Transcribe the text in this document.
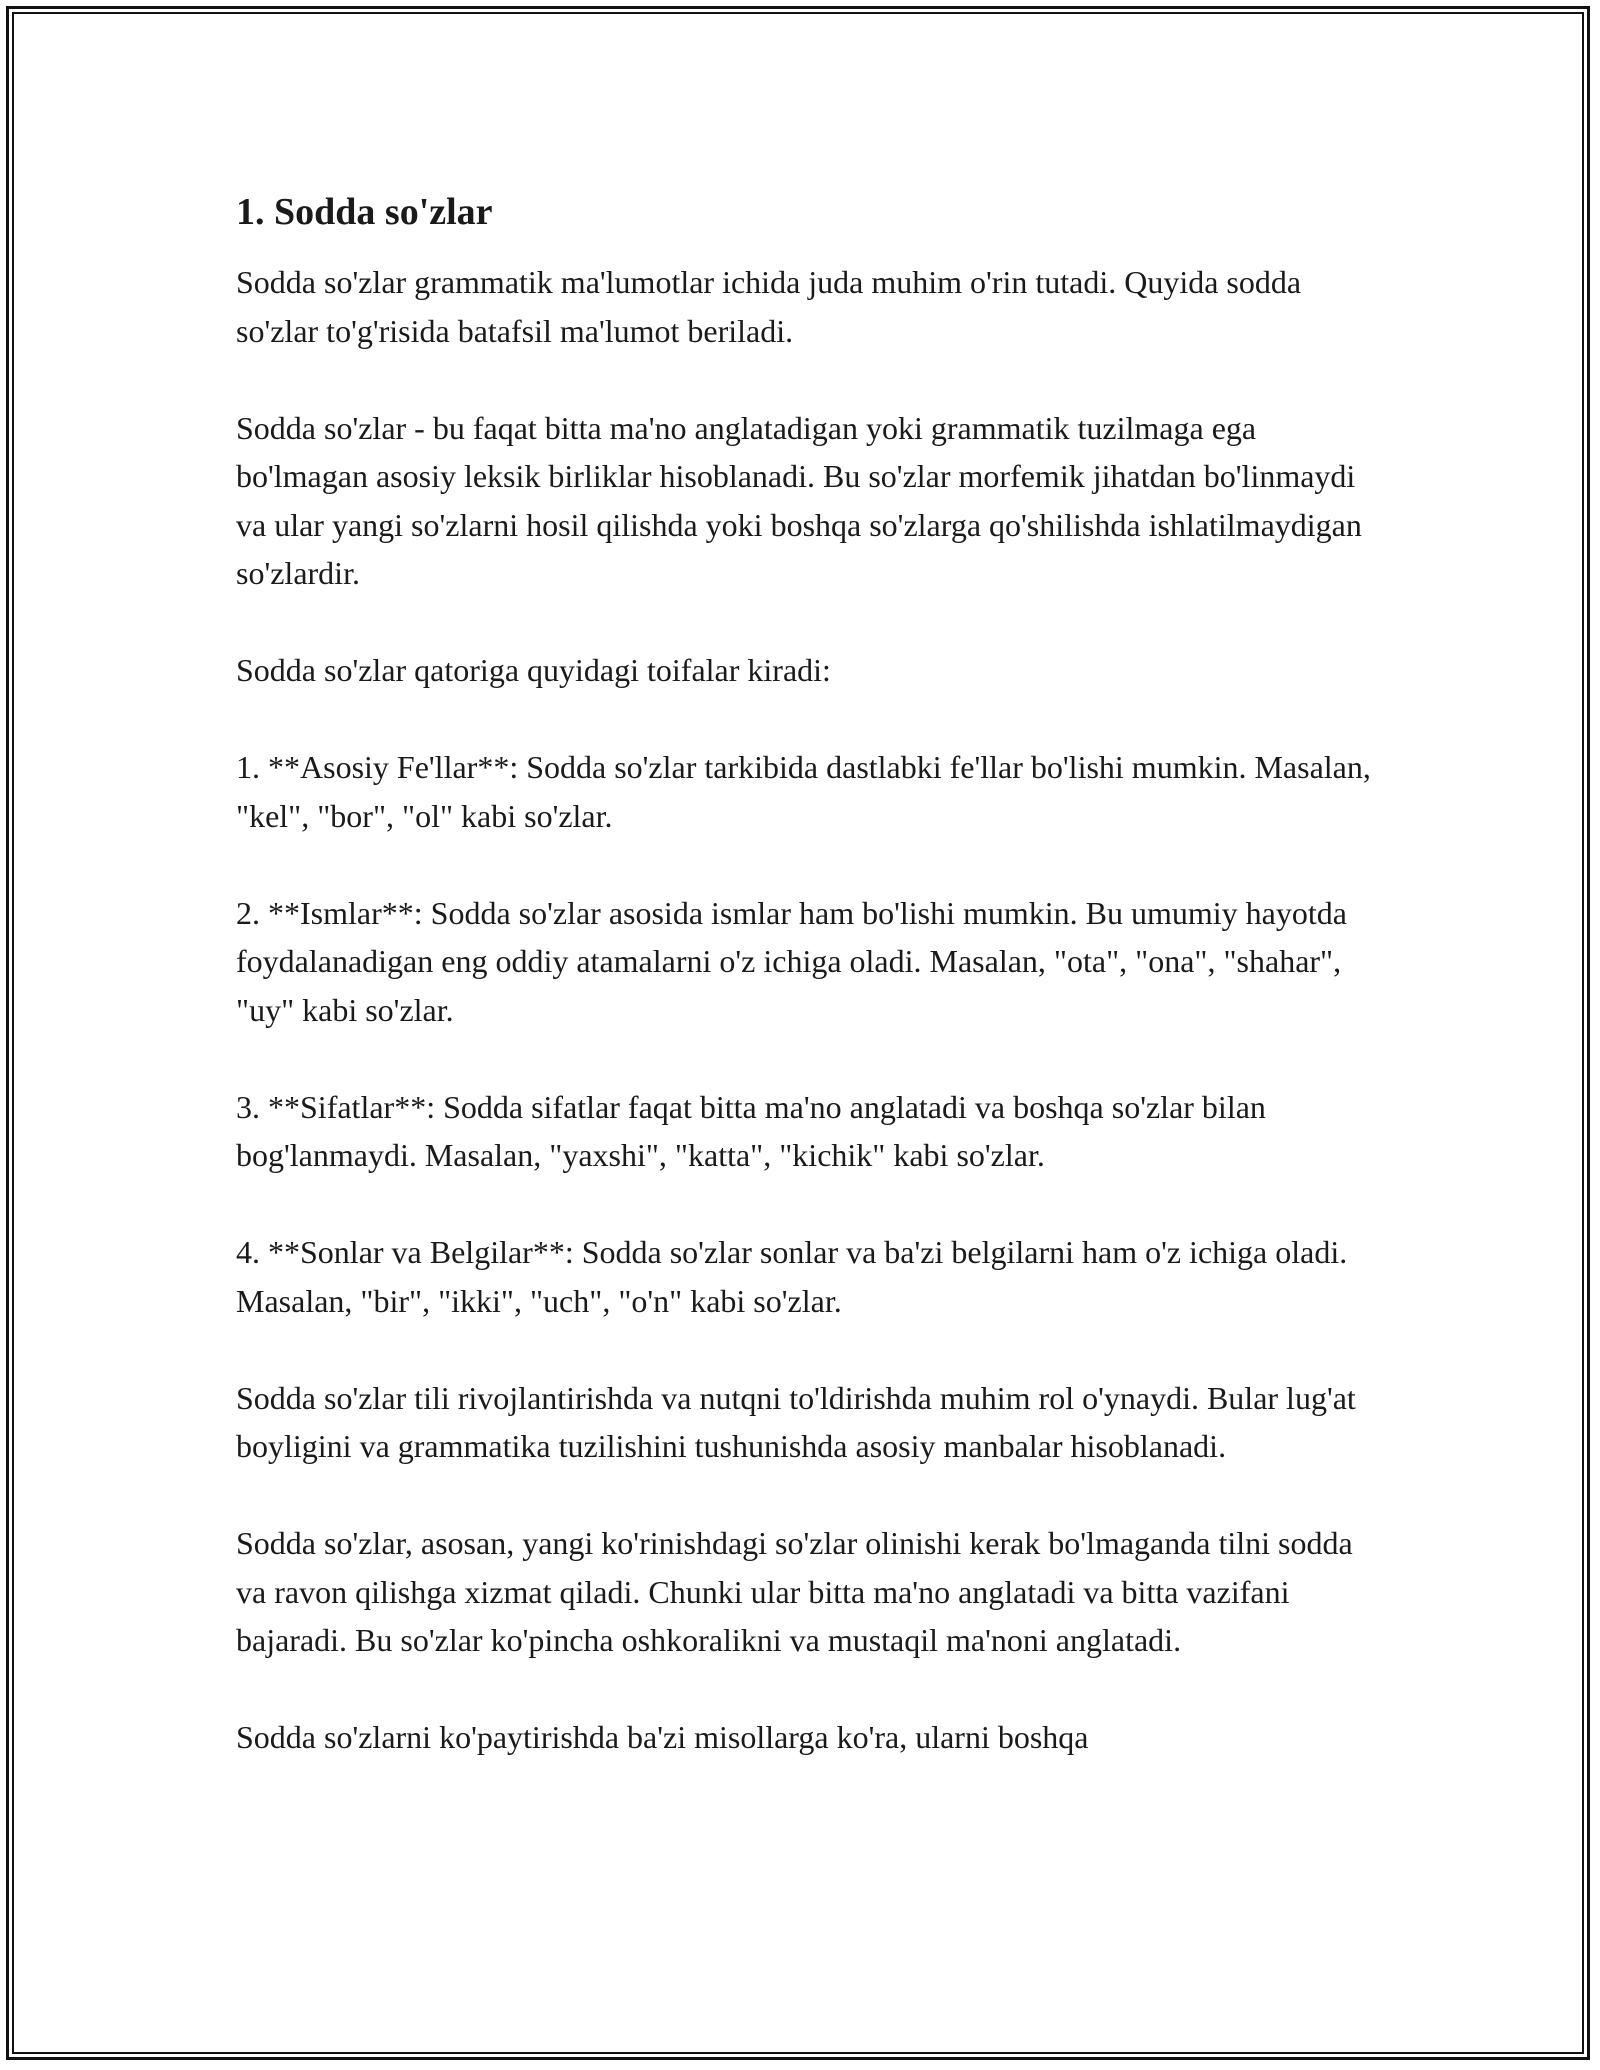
1. Sodda so'zlar

Sodda so'zlar grammatik ma'lumotlar ichida juda muhim o'rin tutadi. Quyida sodda so'zlar to'g'risida batafsil ma'lumot beriladi.

Sodda so'zlar - bu faqat bitta ma'no anglatadigan yoki grammatik tuzilmaga ega bo'lmagan asosiy leksik birliklar hisoblanadi. Bu so'zlar morfemik jihatdan bo'linmaydi va ular yangi so'zlarni hosil qilishda yoki boshqa so'zlarga qo'shilishda ishlatilmaydigan so'zlardir.

Sodda so'zlar qatoriga quyidagi toifalar kiradi:

1. **Asosiy Fe'llar**: Sodda so'zlar tarkibida dastlabki fe'llar bo'lishi mumkin. Masalan, "kel", "bor", "ol" kabi so'zlar.

2. **Ismlar**: Sodda so'zlar asosida ismlar ham bo'lishi mumkin. Bu umumiy hayotda foydalanadigan eng oddiy atamalarni o'z ichiga oladi. Masalan, "ota", "ona", "shahar", "uy" kabi so'zlar.

3. **Sifatlar**: Sodda sifatlar faqat bitta ma'no anglatadi va boshqa so'zlar bilan bog'lanmaydi. Masalan, "yaxshi", "katta", "kichik" kabi so'zlar.

4. **Sonlar va Belgilar**: Sodda so'zlar sonlar va ba'zi belgilarni ham o'z ichiga oladi. Masalan, "bir", "ikki", "uch", "o'n" kabi so'zlar.

Sodda so'zlar tili rivojlantirishda va nutqni to'ldirishda muhim rol o'ynaydi. Bular lug'at boyligini va grammatika tuzilishini tushunishda asosiy manbalar hisoblanadi.

Sodda so'zlar, asosan, yangi ko'rinishdagi so'zlar olinishi kerak bo'lmaganda tilni sodda va ravon qilishga xizmat qiladi. Chunki ular bitta ma'no anglatadi va bitta vazifani bajaradi. Bu so'zlar ko'pincha oshkoralikni va mustaqil ma'noni anglatadi.

Sodda so'zlarni ko'paytirishda ba'zi misollarga ko'ra, ularni boshqa
